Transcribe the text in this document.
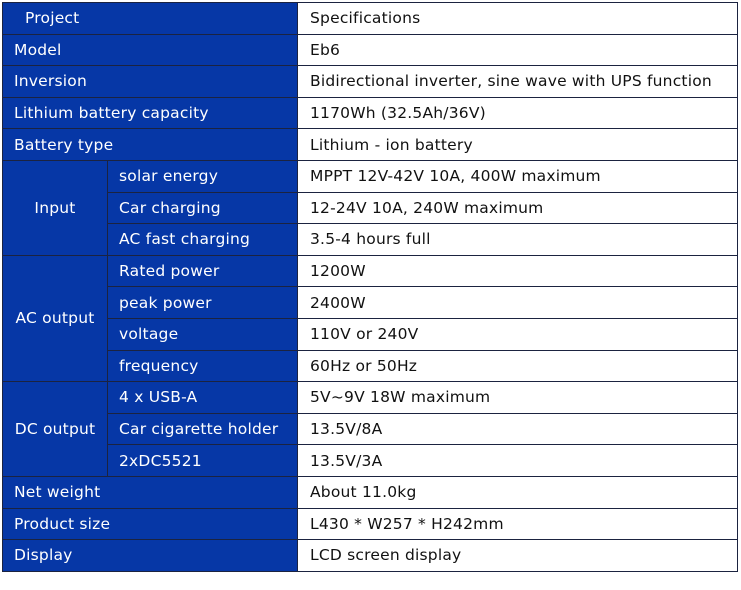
Project		Specifications
Model		Eb6
Inversion		Bidirectional inverter, sine wave with UPS function
Lithium battery capacity		1170Wh (32.5Ah/36V)
Battery type		Lithium - ion battery
Input	solar energy	MPPT 12V-42V 10A, 400W maximum
	Car charging	12-24V 10A, 240W maximum
	AC fast charging	3.5-4 hours full
AC output	Rated power	1200W
	peak power	2400W
	voltage	110V or 240V
	frequency	60Hz or 50Hz
DC output	4 x USB-A	5V~9V 18W maximum
	Car cigarette holder	13.5V/8A
	2xDC5521	13.5V/3A
Net weight		About 11.0kg
Product size		L430 * W257 * H242mm
Display		LCD screen display
